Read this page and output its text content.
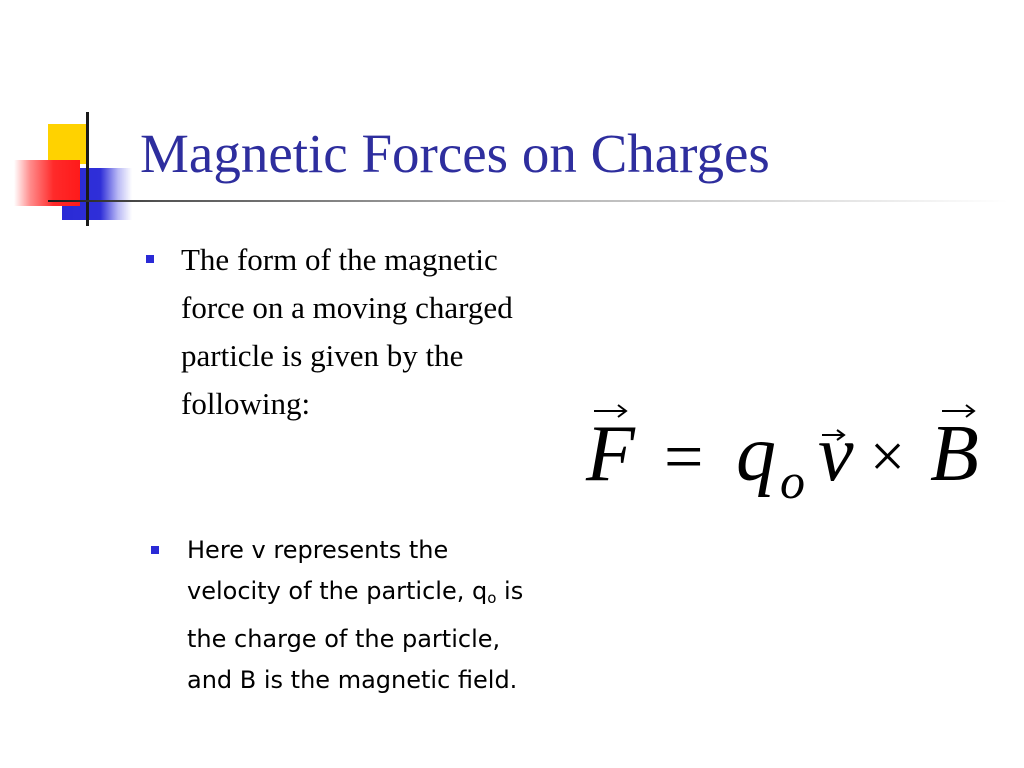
Magnetic Forces on Charges

The form of the magnetic force on a moving charged particle is given by the following:

Here v represents the velocity of the particle, $q_o$ is the charge of the particle, and B is the magnetic field.

F = q o v × B
